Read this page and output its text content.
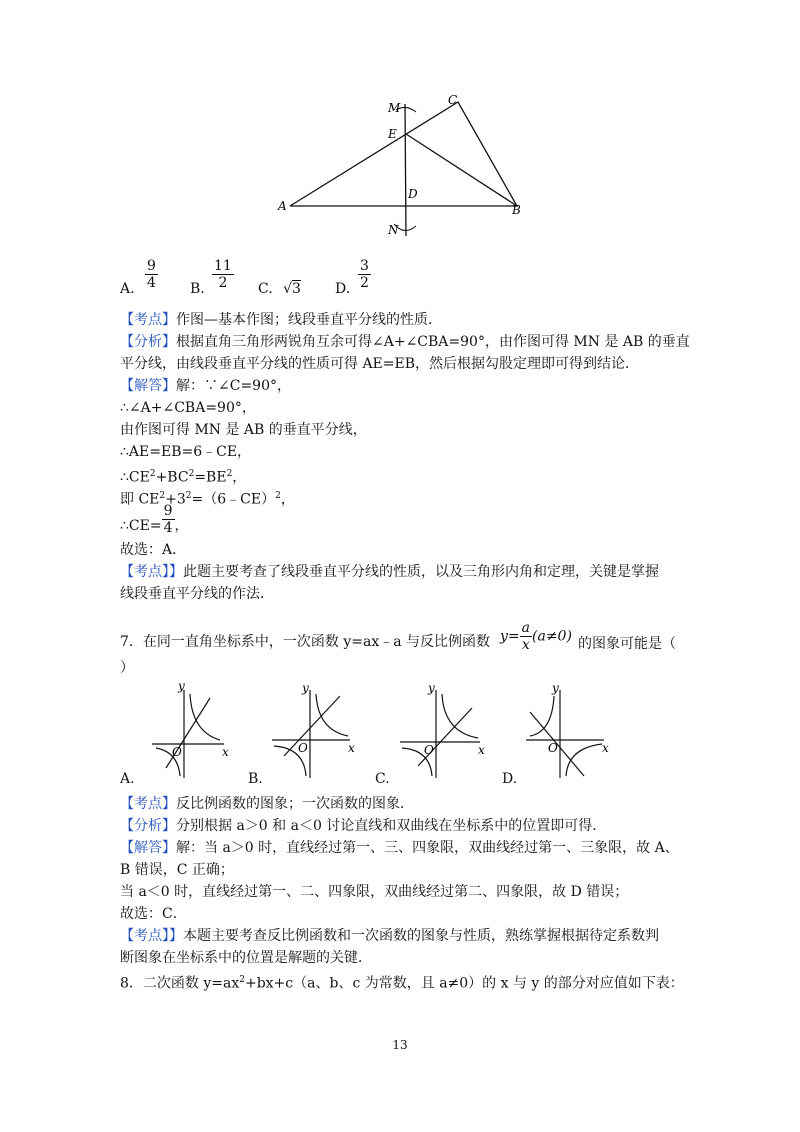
M
C
E
D
A	B
N
A. $\frac{9}{4} B$. $\frac{11}{2} C$. √3 D. $\frac{3}{2}$
【考点】作图—基本作图；线段垂直平分线的性质．
【分析】根据直角三角形两锐角互余可得∠A+∠CBA=90°，由作图可得 MN 是 AB 的垂直
平分线，由线段垂直平分线的性质可得 AE=EB，然后根据勾股定理即可得到结论．
【解答】解：∵∠C=90°，
∴∠A+∠CBA=90°，
由作图可得 MN 是 AB 的垂直平分线，
∴AE=EB=6﹣CE，
$\therefore CE^2+BC^2=BE^2$，
即 $CE^2+3^2=(6﹣CE)^2$，
∴CE= $\frac{9}{4}$ ，
故选：A．
【考点】】此题主要考查了线段垂直平分线的性质，以及三角形内角和定理，关键是掌握
线段垂直平分线的作法．
7．在同一直角坐标系中，一次函数 y=ax﹣a 与反比例函数 $y= \frac{a}{x} (a\ne 0)$ 的图象可能是（
）
y
x
O
y
x
O
y
x
O
y
x
O
A.	B.	C.	D.
【考点】反比例函数的图象；一次函数的图象．
【分析】分别根据 a＞0 和 a＜0 讨论直线和双曲线在坐标系中的位置即可得．
【解答】解：当 a＞0 时，直线经过第一、三、四象限，双曲线经过第一、三象限，故 A、
B 错误，C 正确；
当 a＜0 时，直线经过第一、二、四象限，双曲线经过第二、四象限，故 D 错误；
故选：C．
【考点】】本题主要考查反比例函数和一次函数的图象与性质，熟练掌握根据待定系数判
断图象在坐标系中的位置是解题的关键．
8．二次函数 $y=ax^2+bx+c(a$、b、c 为常数，且 a≠0）的 x 与 y 的部分对应值如下表：
13
